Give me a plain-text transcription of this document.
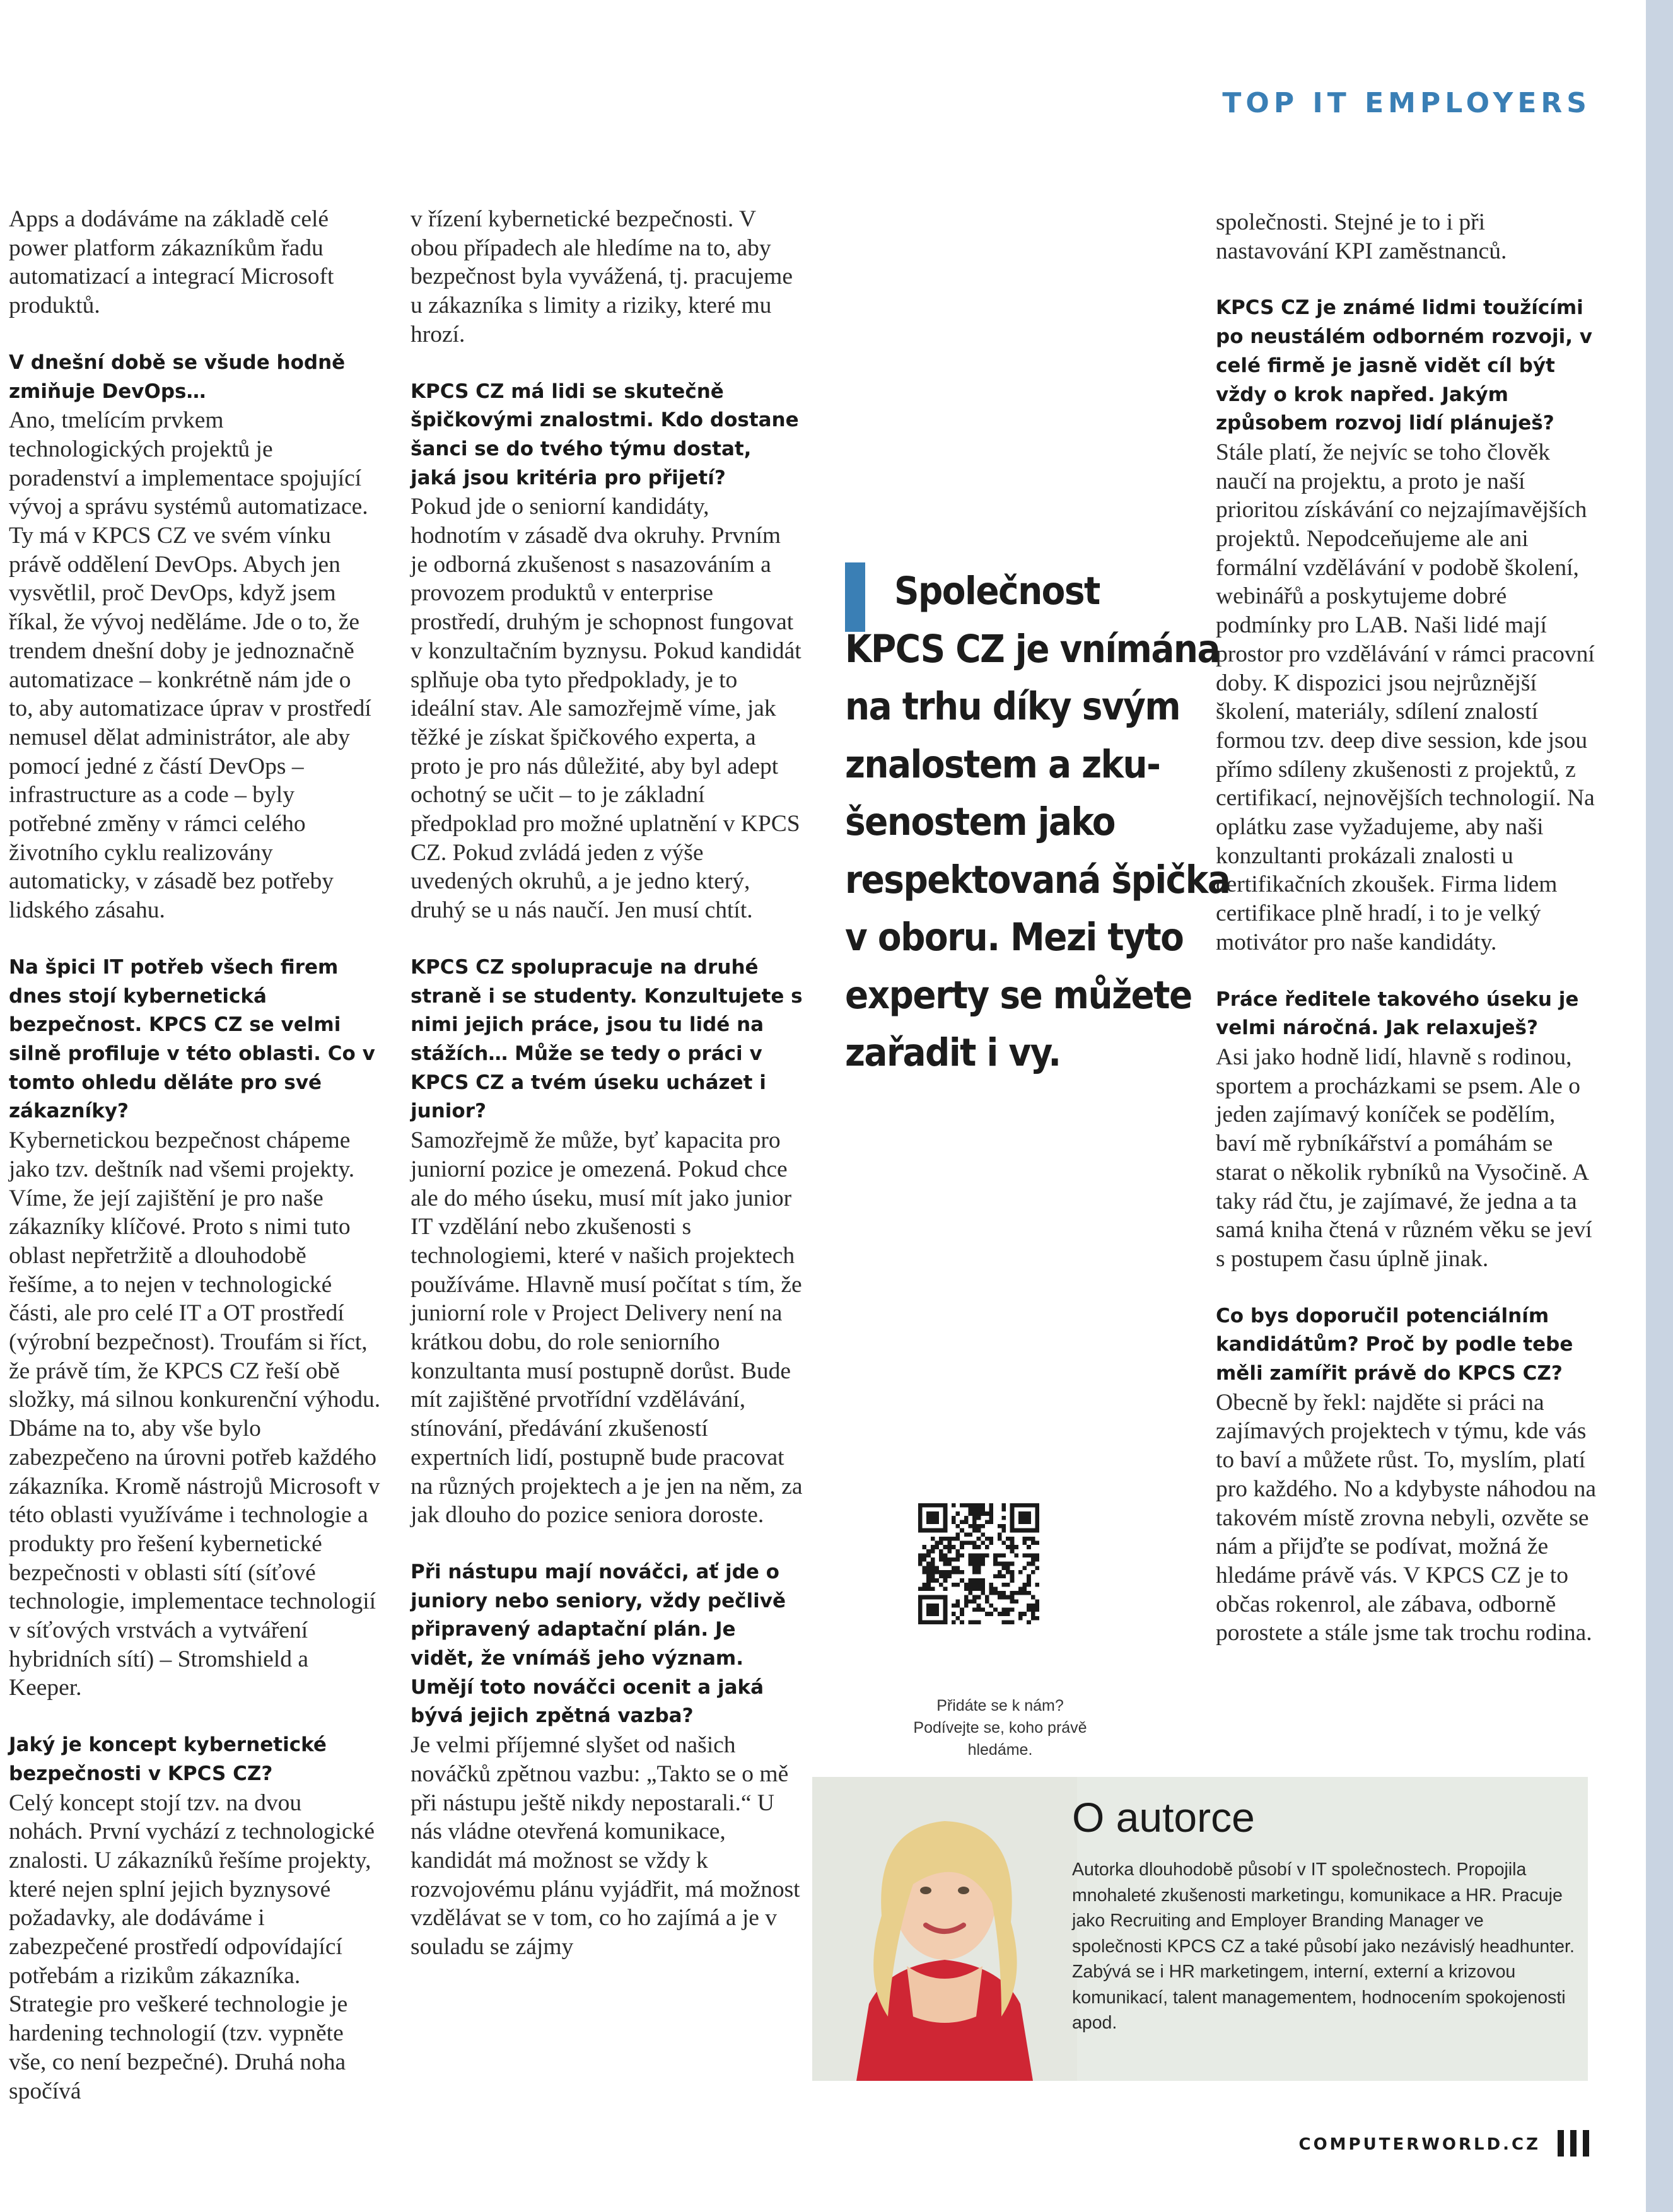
TOP IT EMPLOYERS

Apps a dodáváme na základě celé power platform zákazníkům řadu automatizací a integrací Microsoft produktů.

V dnešní době se všude hodně zmiňuje DevOps…

Ano, tmelícím prvkem technologických projektů je poradenství a implementace spojující vývoj a správu systémů automatizace. Ty má v KPCS CZ ve svém vínku právě oddělení DevOps. Abych jen vysvětlil, proč DevOps, když jsem říkal, že vývoj neděláme. Jde o to, že trendem dnešní doby je jednoznačně automatizace – konkrétně nám jde o to, aby automatizace úprav v prostředí nemusel dělat administrátor, ale aby pomocí jedné z částí DevOps – infrastructure as a code – byly potřebné změny v rámci celého životního cyklu realizovány automaticky, v zásadě bez potřeby lidského zásahu.

Na špici IT potřeb všech firem dnes stojí kybernetická bezpečnost. KPCS CZ se velmi silně profiluje v této oblasti. Co v tomto ohledu děláte pro své zákazníky?

Kybernetickou bezpečnost chápeme jako tzv. deštník nad všemi projekty. Víme, že její zajištění je pro naše zákazníky klíčové. Proto s nimi tuto oblast nepřetržitě a dlouhodobě řešíme, a to nejen v technologické části, ale pro celé IT a OT prostředí (výrobní bezpečnost). Troufám si říct, že právě tím, že KPCS CZ řeší obě složky, má silnou konkurenční výhodu. Dbáme na to, aby vše bylo zabezpečeno na úrovni potřeb každého zákazníka. Kromě nástrojů Microsoft v této oblasti využíváme i technologie a produkty pro řešení kybernetické bezpečnosti v oblasti sítí (síťové technologie, implementace technologií v síťových vrstvách a vytváření hybridních sítí) – Stromshield a Keeper.

Jaký je koncept kybernetické bezpečnosti v KPCS CZ?

Celý koncept stojí tzv. na dvou nohách. První vychází z technologické znalosti. U zákazníků řešíme projekty, které nejen splní jejich byznysové požadavky, ale dodáváme i zabezpečené prostředí odpovídající potřebám a rizikům zákazníka. Strategie pro veškeré technologie je hardening technologií (tzv. vypněte vše, co není bezpečné). Druhá noha spočívá

v řízení kybernetické bezpečnosti. V obou případech ale hledíme na to, aby bezpečnost byla vyvážená, tj. pracujeme u zákazníka s limity a riziky, které mu hrozí.

KPCS CZ má lidi se skutečně špičkovými znalostmi. Kdo dostane šanci se do tvého týmu dostat, jaká jsou kritéria pro přijetí?

Pokud jde o seniorní kandidáty, hodnotím v zásadě dva okruhy. Prvním je odborná zkušenost s nasazováním a provozem produktů v enterprise prostředí, druhým je schopnost fungovat v konzultačním byznysu. Pokud kandidát splňuje oba tyto předpoklady, je to ideální stav. Ale samozřejmě víme, jak těžké je získat špičkového experta, a proto je pro nás důležité, aby byl adept ochotný se učit – to je základní předpoklad pro možné uplatnění v KPCS CZ. Pokud zvládá jeden z výše uvedených okruhů, a je jedno který, druhý se u nás naučí. Jen musí chtít.

KPCS CZ spolupracuje na druhé straně i se studenty. Konzultujete s nimi jejich práce, jsou tu lidé na stážích… Může se tedy o práci v KPCS CZ a tvém úseku ucházet i junior?

Samozřejmě že může, byť kapacita pro juniorní pozice je omezená. Pokud chce ale do mého úseku, musí mít jako junior IT vzdělání nebo zkušenosti s technologiemi, které v našich projektech používáme. Hlavně musí počítat s tím, že juniorní role v Project Delivery není na krátkou dobu, do role seniorního konzultanta musí postupně dorůst. Bude mít zajištěné prvotřídní vzdělávání, stínování, předávání zkušeností expertních lidí, postupně bude pracovat na různých projektech a je jen na něm, za jak dlouho do pozice seniora doroste.

Při nástupu mají nováčci, ať jde o juniory nebo seniory, vždy pečlivě připravený adaptační plán. Je vidět, že vnímáš jeho význam. Umějí toto nováčci ocenit a jaká bývá jejich zpětná vazba?

Je velmi příjemné slyšet od našich nováčků zpětnou vazbu: „Takto se o mě při nástupu ještě nikdy nepostarali.“ U nás vládne otevřená komunikace, kandidát má možnost se vždy k rozvojovému plánu vyjádřit, má možnost vzdělávat se v tom, co ho zajímá a je v souladu se zájmy

společnosti. Stejné je to i při nastavování KPI zaměstnanců.

KPCS CZ je známé lidmi toužícími po neustálém odborném rozvoji, v celé firmě je jasně vidět cíl být vždy o krok napřed. Jakým způsobem rozvoj lidí plánuješ?

Stále platí, že nejvíc se toho člověk naučí na projektu, a proto je naší prioritou získávání co nejzajímavějších projektů. Nepodceňujeme ale ani formální vzdělávání v podobě školení, webinářů a poskytujeme dobré podmínky pro LAB. Naši lidé mají prostor pro vzdělávání v rámci pracovní doby. K dispozici jsou nejrůznější školení, materiály, sdílení znalostí formou tzv. deep dive session, kde jsou přímo sdíleny zkušenosti z projektů, z certifikací, nejnovějších technologií. Na oplátku zase vyžadujeme, aby naši konzultanti prokázali znalosti u certifikačních zkoušek. Firma lidem certifikace plně hradí, i to je velký motivátor pro naše kandidáty.

Práce ředitele takového úseku je velmi náročná. Jak relaxuješ?

Asi jako hodně lidí, hlavně s rodinou, sportem a procházkami se psem. Ale o jeden zajímavý koníček se podělím, baví mě rybníkářství a pomáhám se starat o několik rybníků na Vysočině. A taky rád čtu, je zajímavé, že jedna a ta samá kniha čtená v různém věku se jeví s postupem času úplně jinak.

Co bys doporučil potenciálním kandidátům? Proč by podle tebe měli zamířit právě do KPCS CZ?

Obecně by řekl: najděte si práci na zajímavých projektech v týmu, kde vás to baví a můžete růst. To, myslím, platí pro každého. No a kdybyste náhodou na takovém místě zrovna nebyli, ozvěte se nám a přijďte se podívat, možná že hledáme právě vás. V KPCS CZ je to občas rokenrol, ale zábava, odborně porostete a stále jsme tak trochu rodina.

Společnost
KPCS CZ je vnímána
na trhu díky svým
znalostem a zku-
šenostem jako
respektovaná špička
v oboru. Mezi tyto
experty se můžete
zařadit i vy.
Přidáte se k nám?
Podívejte se, koho právě hledáme.
O autorce
Autorka dlouhodobě působí v IT společnostech. Propojila mnohaleté zkušenosti marketingu, komunikace a HR. Pracuje jako Recruiting and Employer Branding Manager ve společnosti KPCS CZ a také působí jako nezávislý headhunter. Zabývá se i HR marketingem, interní, externí a krizovou komunikací, talent managementem, hodnocením spokojenosti apod.
COMPUTERWORLD.CZ
